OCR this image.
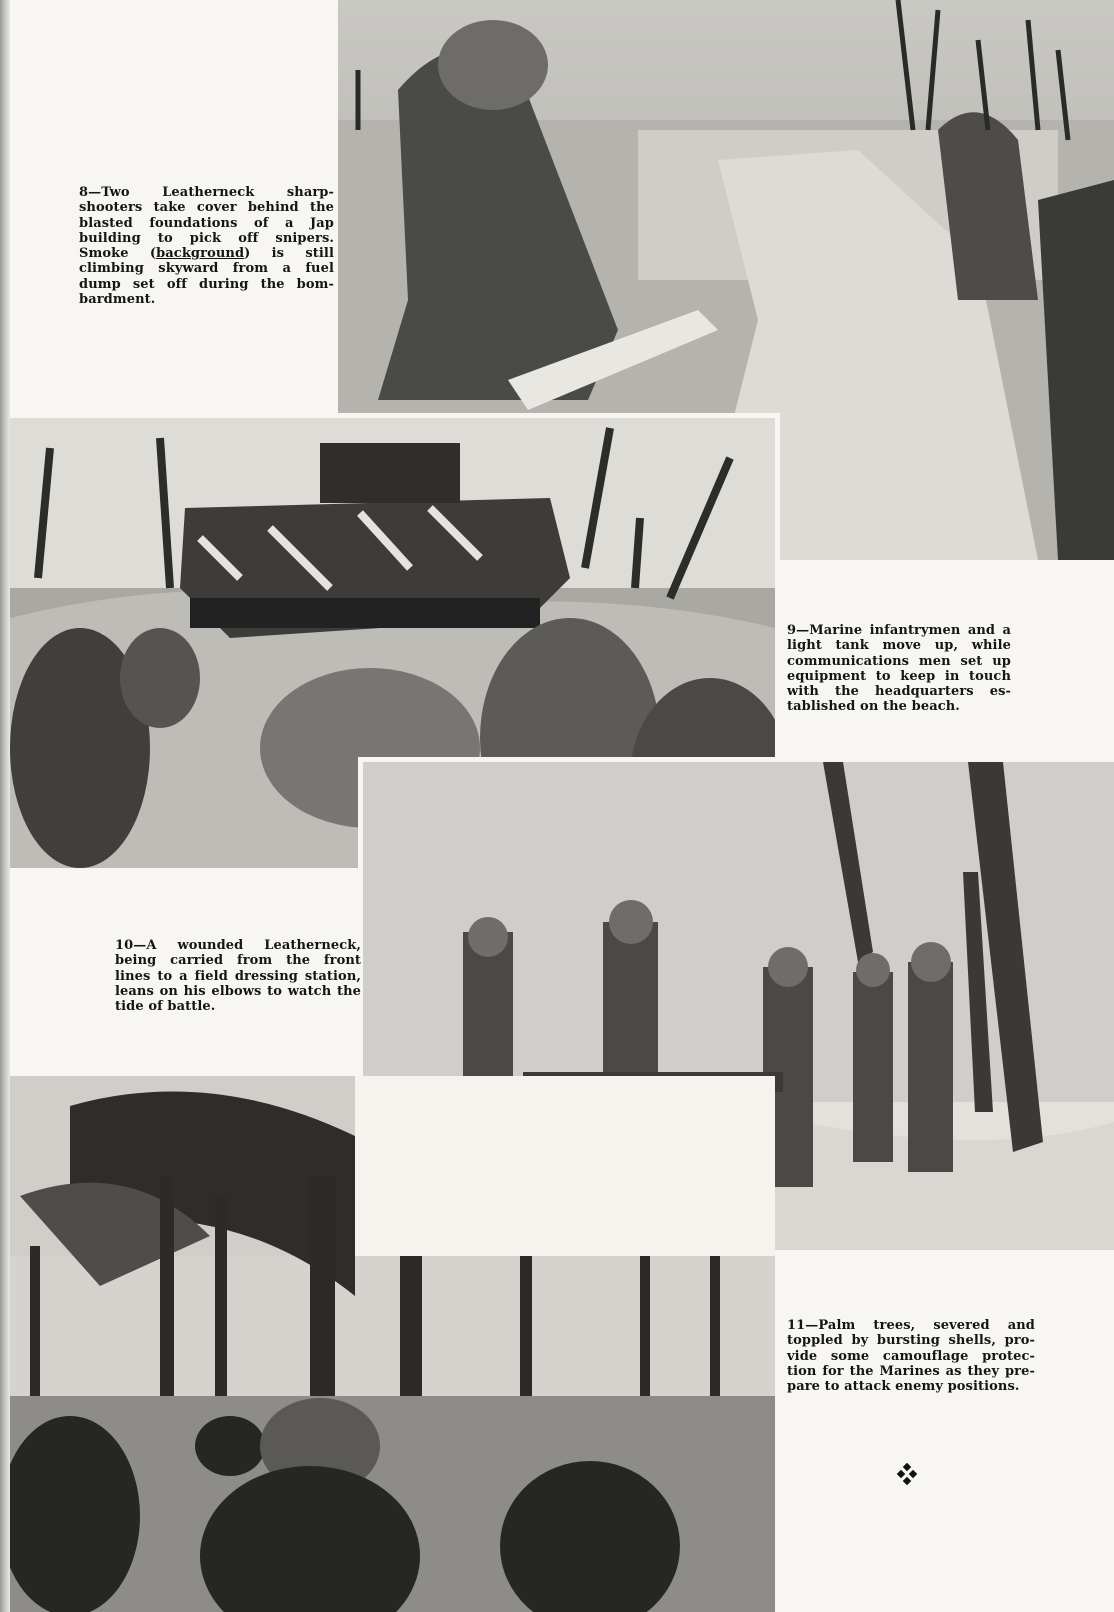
8—Two Leatherneck sharp-shooters take cover behind the blasted foundations of a Jap building to pick off snipers. Smoke (background) is still climbing skyward from a fuel dump set off during the bom-bardment.
9—Marine infantrymen and a light tank move up, while communications men set up equipment to keep in touch with the headquarters es-tablished on the beach.
10—A wounded Leatherneck, being carried from the front lines to a field dressing station, leans on his elbows to watch the tide of battle.
11—Palm trees, severed and toppled by bursting shells, pro-vide some camouflage protec-tion for the Marines as they pre-pare to attack enemy positions.
